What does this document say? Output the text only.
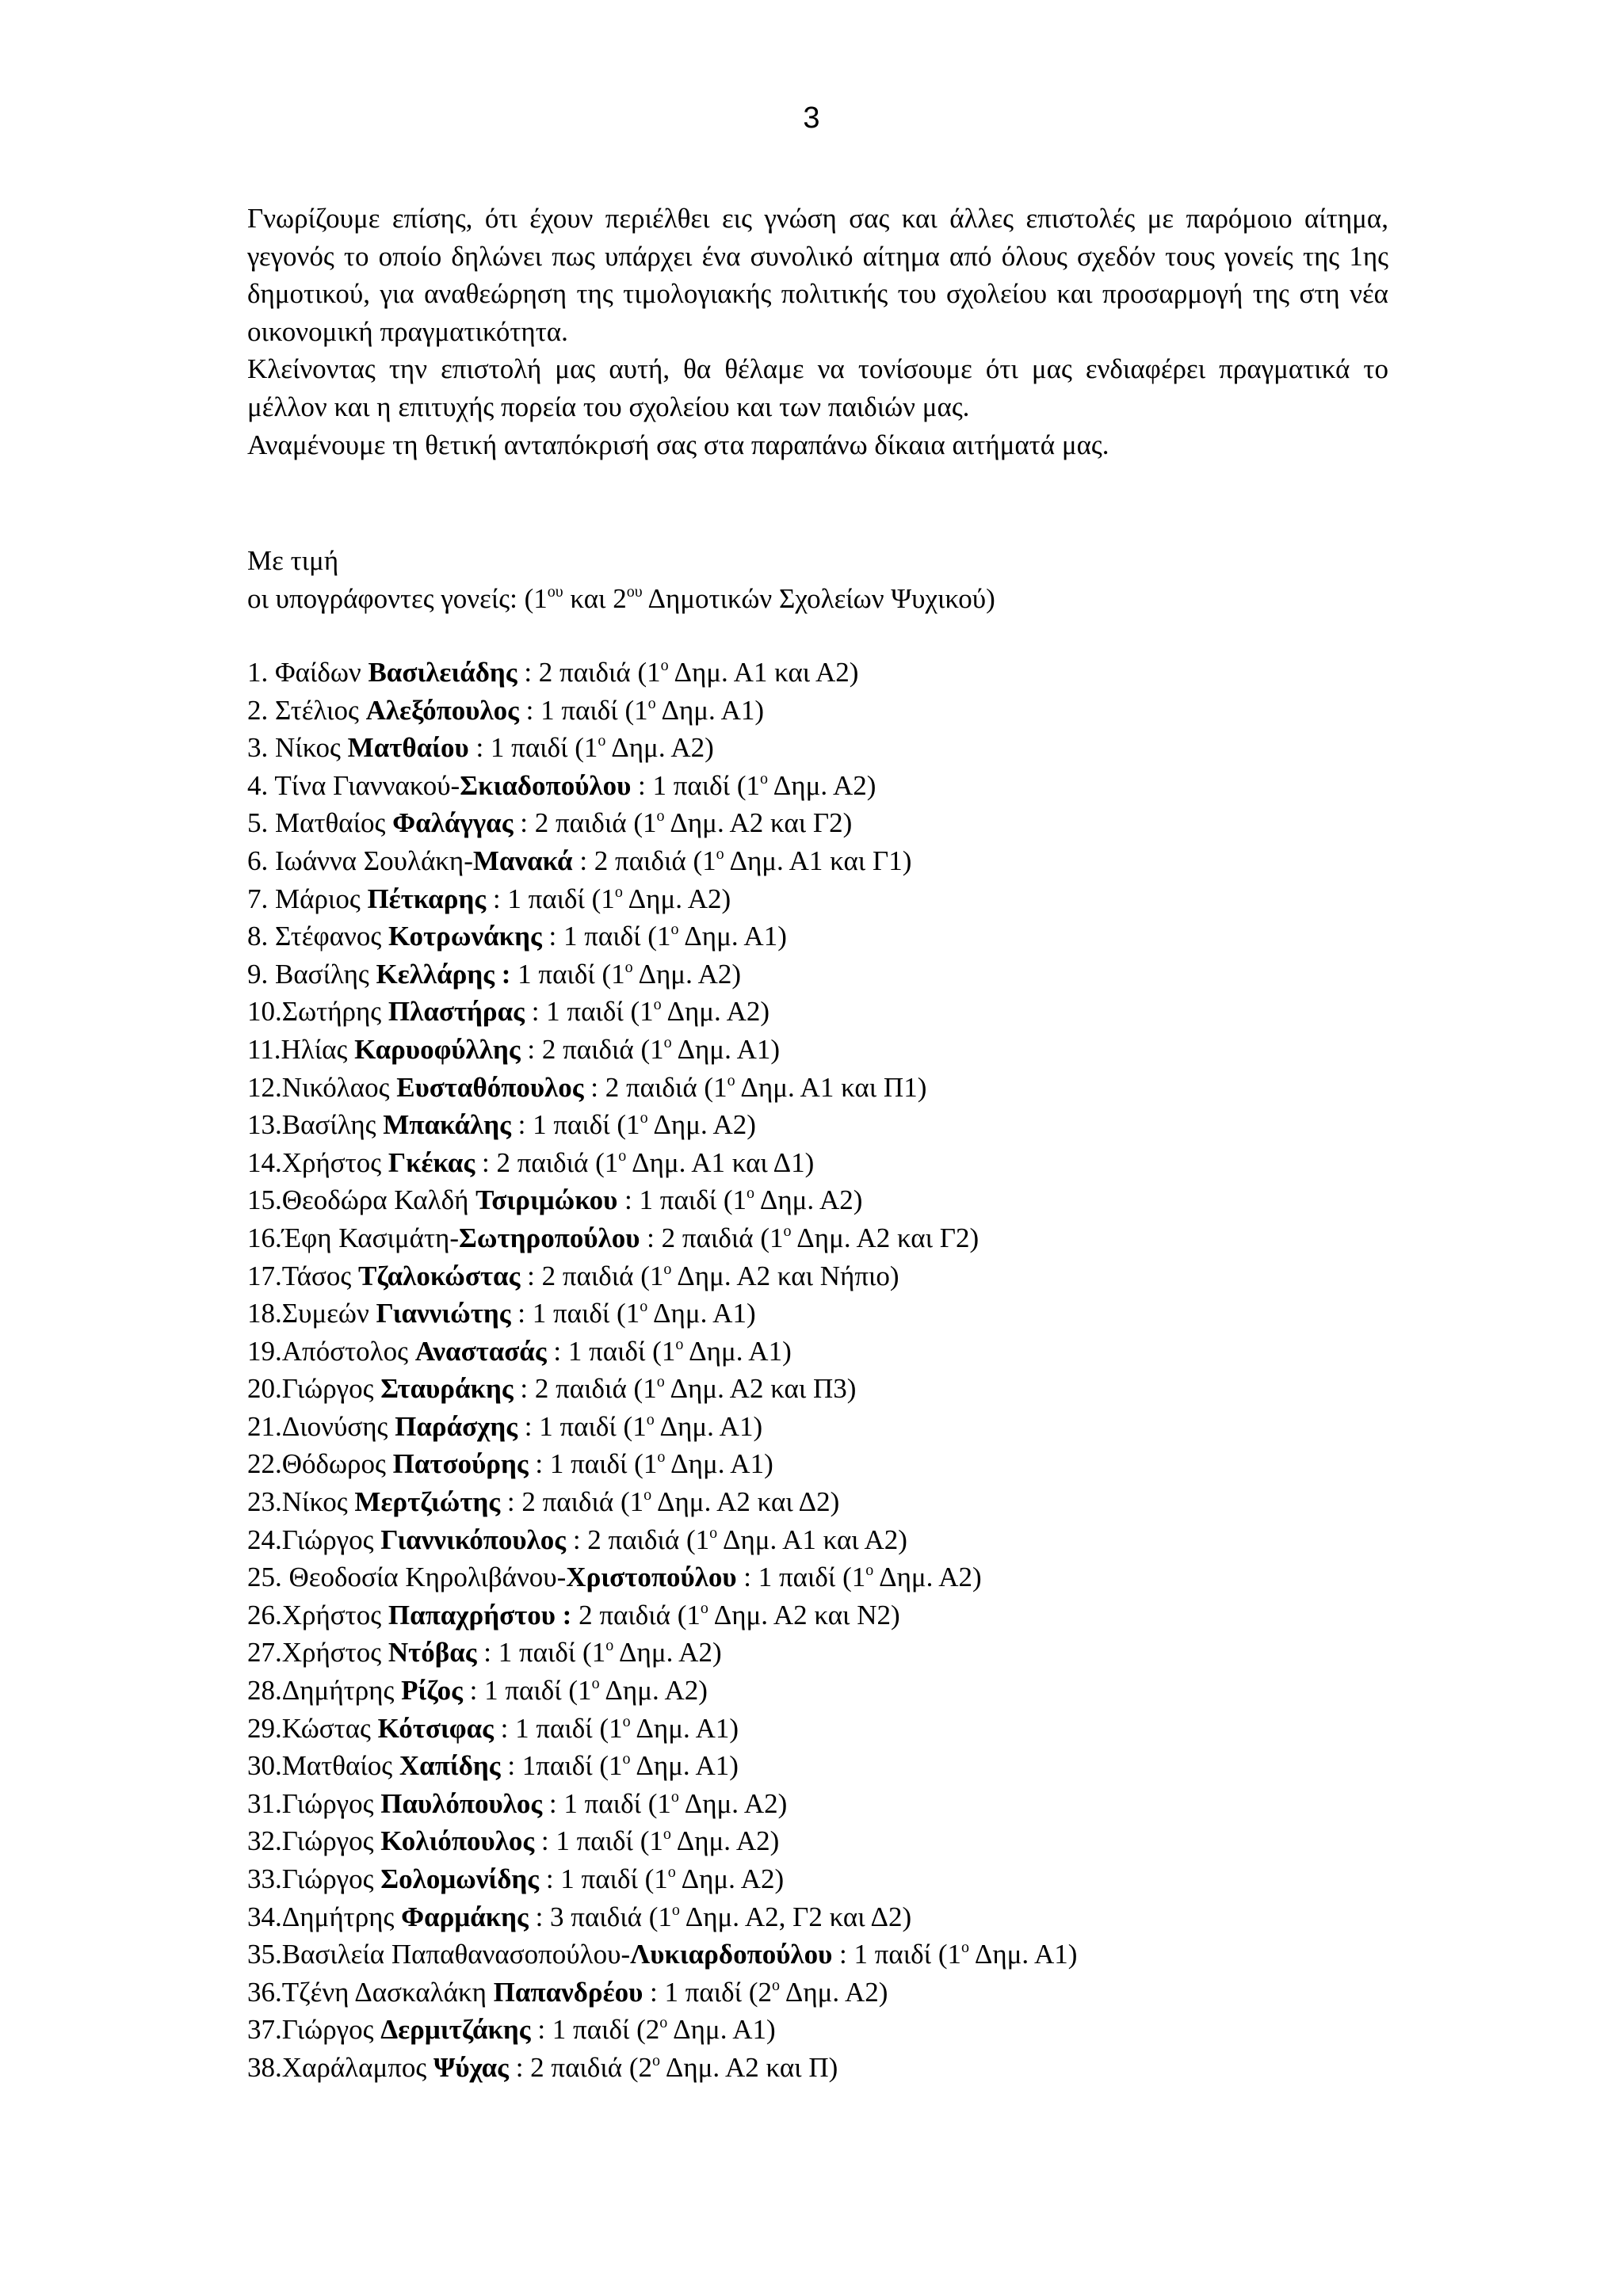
3

Γνωρίζουμε επίσης, ότι έχουν περιέλθει εις γνώση σας και άλλες επιστολές με παρόμοιο αίτημα, γεγονός το οποίο δηλώνει πως υπάρχει ένα συνολικό αίτημα από όλους σχεδόν τους γονείς της 1ης δημοτικού, για αναθεώρηση της τιμολογιακής πολιτικής του σχολείου και προσαρμογή της στη νέα οικονομική πραγματικότητα.

Κλείνοντας την επιστολή μας αυτή, θα θέλαμε να τονίσουμε ότι μας ενδιαφέρει πραγματικά το μέλλον και η επιτυχής πορεία του σχολείου και των παιδιών μας.

Αναμένουμε τη θετική ανταπόκρισή σας στα παραπάνω δίκαια αιτήματά μας.

Με τιμή
οι υπογράφοντες γονείς: ($1^{o\upsilon}$ και $2^{o\upsilon}$ Δημοτικών Σχολείων Ψυχικού)
1. Φαίδων Βασιλειάδης : 2 παιδιά ($1^o$ Δημ. Α1 και Α2)
2. Στέλιος Αλεξόπουλος : 1 παιδί ($1^o$ Δημ. Α1)
3. Νίκος Ματθαίου : 1 παιδί ($1^o$ Δημ. Α2)
4. Τίνα Γιαννακού-Σκιαδοπούλου : 1 παιδί ($1^o$ Δημ. Α2)
5. Ματθαίος Φαλάγγας : 2 παιδιά ($1^o$ Δημ. Α2 και Γ2)
6. Ιωάννα Σουλάκη-Μανακά : 2 παιδιά ($1^o$ Δημ. Α1 και Γ1)
7. Μάριος Πέτκαρης : 1 παιδί ($1^o$ Δημ. Α2)
8. Στέφανος Κοτρωνάκης : 1 παιδί ($1^o$ Δημ. Α1)
9. Βασίλης Κελλάρης : 1 παιδί ($1^o$ Δημ. Α2)
10.Σωτήρης Πλαστήρας : 1 παιδί ($1^o$ Δημ. Α2)
11.Ηλίας Καρυοφύλλης : 2 παιδιά ($1^o$ Δημ. Α1)
12.Νικόλαος Ευσταθόπουλος : 2 παιδιά ($1^o$ Δημ. Α1 και Π1)
13.Βασίλης Μπακάλης : 1 παιδί ($1^o$ Δημ. Α2)
14.Χρήστος Γκέκας : 2 παιδιά ($1^o$ Δημ. Α1 και Δ1)
15.Θεοδώρα Καλδή Τσιριμώκου : 1 παιδί ($1^o$ Δημ. Α2)
16.Έφη Κασιμάτη-Σωτηροπούλου : 2 παιδιά ($1^o$ Δημ. Α2 και Γ2)
17.Τάσος Τζαλοκώστας : 2 παιδιά ($1^o$ Δημ. Α2 και Νήπιο)
18.Συμεών Γιαννιώτης : 1 παιδί ($1^o$ Δημ. Α1)
19.Απόστολος Αναστασάς : 1 παιδί ($1^o$ Δημ. Α1)
20.Γιώργος Σταυράκης : 2 παιδιά ($1^o$ Δημ. Α2 και Π3)
21.Διονύσης Παράσχης : 1 παιδί ($1^o$ Δημ. Α1)
22.Θόδωρος Πατσούρης : 1 παιδί ($1^o$ Δημ. Α1)
23.Νίκος Μερτζιώτης : 2 παιδιά ($1^o$ Δημ. Α2 και Δ2)
24.Γιώργος Γιαννικόπουλος : 2 παιδιά ($1^o$ Δημ. Α1 και Α2)
25. Θεοδοσία Κηρολιβάνου-Χριστοπούλου : 1 παιδί ($1^o$ Δημ. Α2)
26.Χρήστος Παπαχρήστου : 2 παιδιά ($1^o$ Δημ. Α2 και Ν2)
27.Χρήστος Ντόβας : 1 παιδί ($1^o$ Δημ. Α2)
28.Δημήτρης Ρίζος : 1 παιδί ($1^o$ Δημ. Α2)
29.Κώστας Κότσιφας : 1 παιδί ($1^o$ Δημ. Α1)
30.Ματθαίος Χαπίδης : 1παιδί ($1^o$ Δημ. Α1)
31.Γιώργος Παυλόπουλος : 1 παιδί ($1^o$ Δημ. Α2)
32.Γιώργος Κολιόπουλος : 1 παιδί ($1^o$ Δημ. Α2)
33.Γιώργος Σολομωνίδης : 1 παιδί ($1^o$ Δημ. Α2)
34.Δημήτρης Φαρμάκης : 3 παιδιά ($1^o$ Δημ. Α2, Γ2 και Δ2)
35.Βασιλεία Παπαθανασοπούλου-Λυκιαρδοπούλου : 1 παιδί ($1^o$ Δημ. Α1)
36.Τζένη Δασκαλάκη Παπανδρέου : 1 παιδί ($2^o$ Δημ. Α2)
37.Γιώργος Δερμιτζάκης : 1 παιδί ($2^o$ Δημ. Α1)
38.Χαράλαμπος Ψύχας : 2 παιδιά ($2^o$ Δημ. Α2 και Π)
